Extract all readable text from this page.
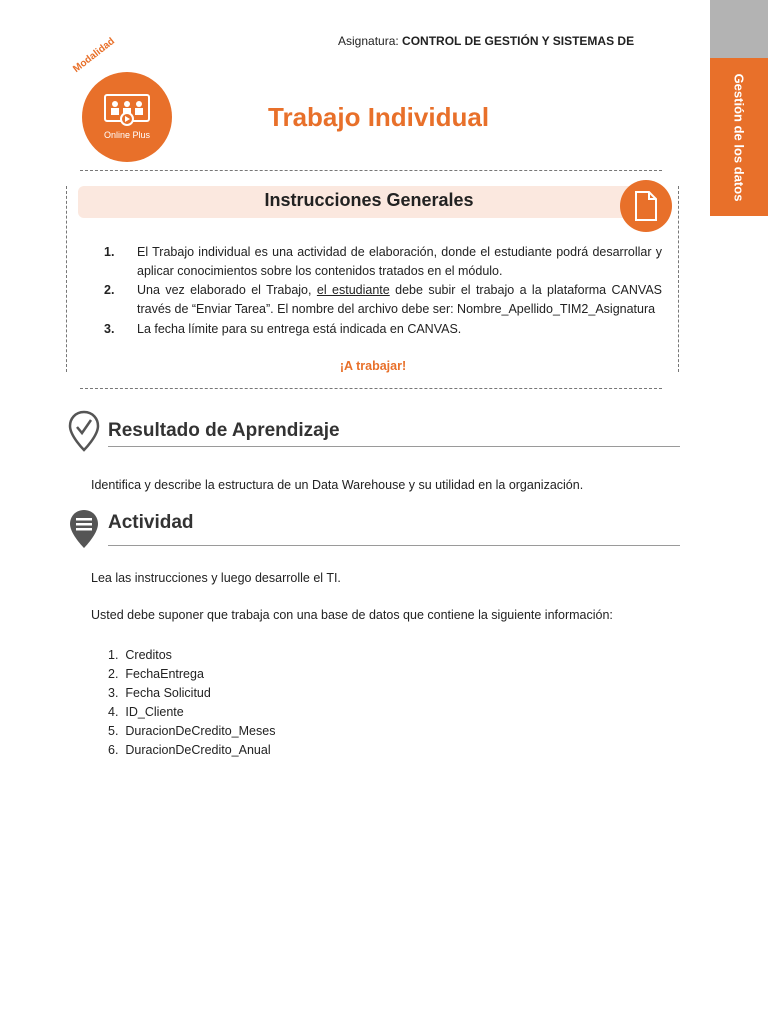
Asignatura: CONTROL DE GESTIÓN Y SISTEMAS DE
Trabajo Individual
Modalidad
Online Plus	Gestión de los datos
Instrucciones Generales
1. El Trabajo individual es una actividad de elaboración, donde el estudiante podrá desarrollar y aplicar conocimientos sobre los contenidos tratados en el módulo.
2. Una vez elaborado el Trabajo, el estudiante debe subir el trabajo a la plataforma CANVAS través de “Enviar Tarea”. El nombre del archivo debe ser: Nombre_Apellido_TIM2_Asignatura
3. La fecha límite para su entrega está indicada en CANVAS.
¡A trabajar!
Resultado de Aprendizaje
Identifica y describe la estructura de un Data Warehouse y su utilidad en la organización.
Actividad
Lea las instrucciones y luego desarrolle el TI.
Usted debe suponer que trabaja con una base de datos que contiene la siguiente información:
1.  Creditos
2.  FechaEntrega
3.  Fecha Solicitud
4.  ID_Cliente
5.  DuracionDeCredito_Meses
6.  DuracionDeCredito_Anual
